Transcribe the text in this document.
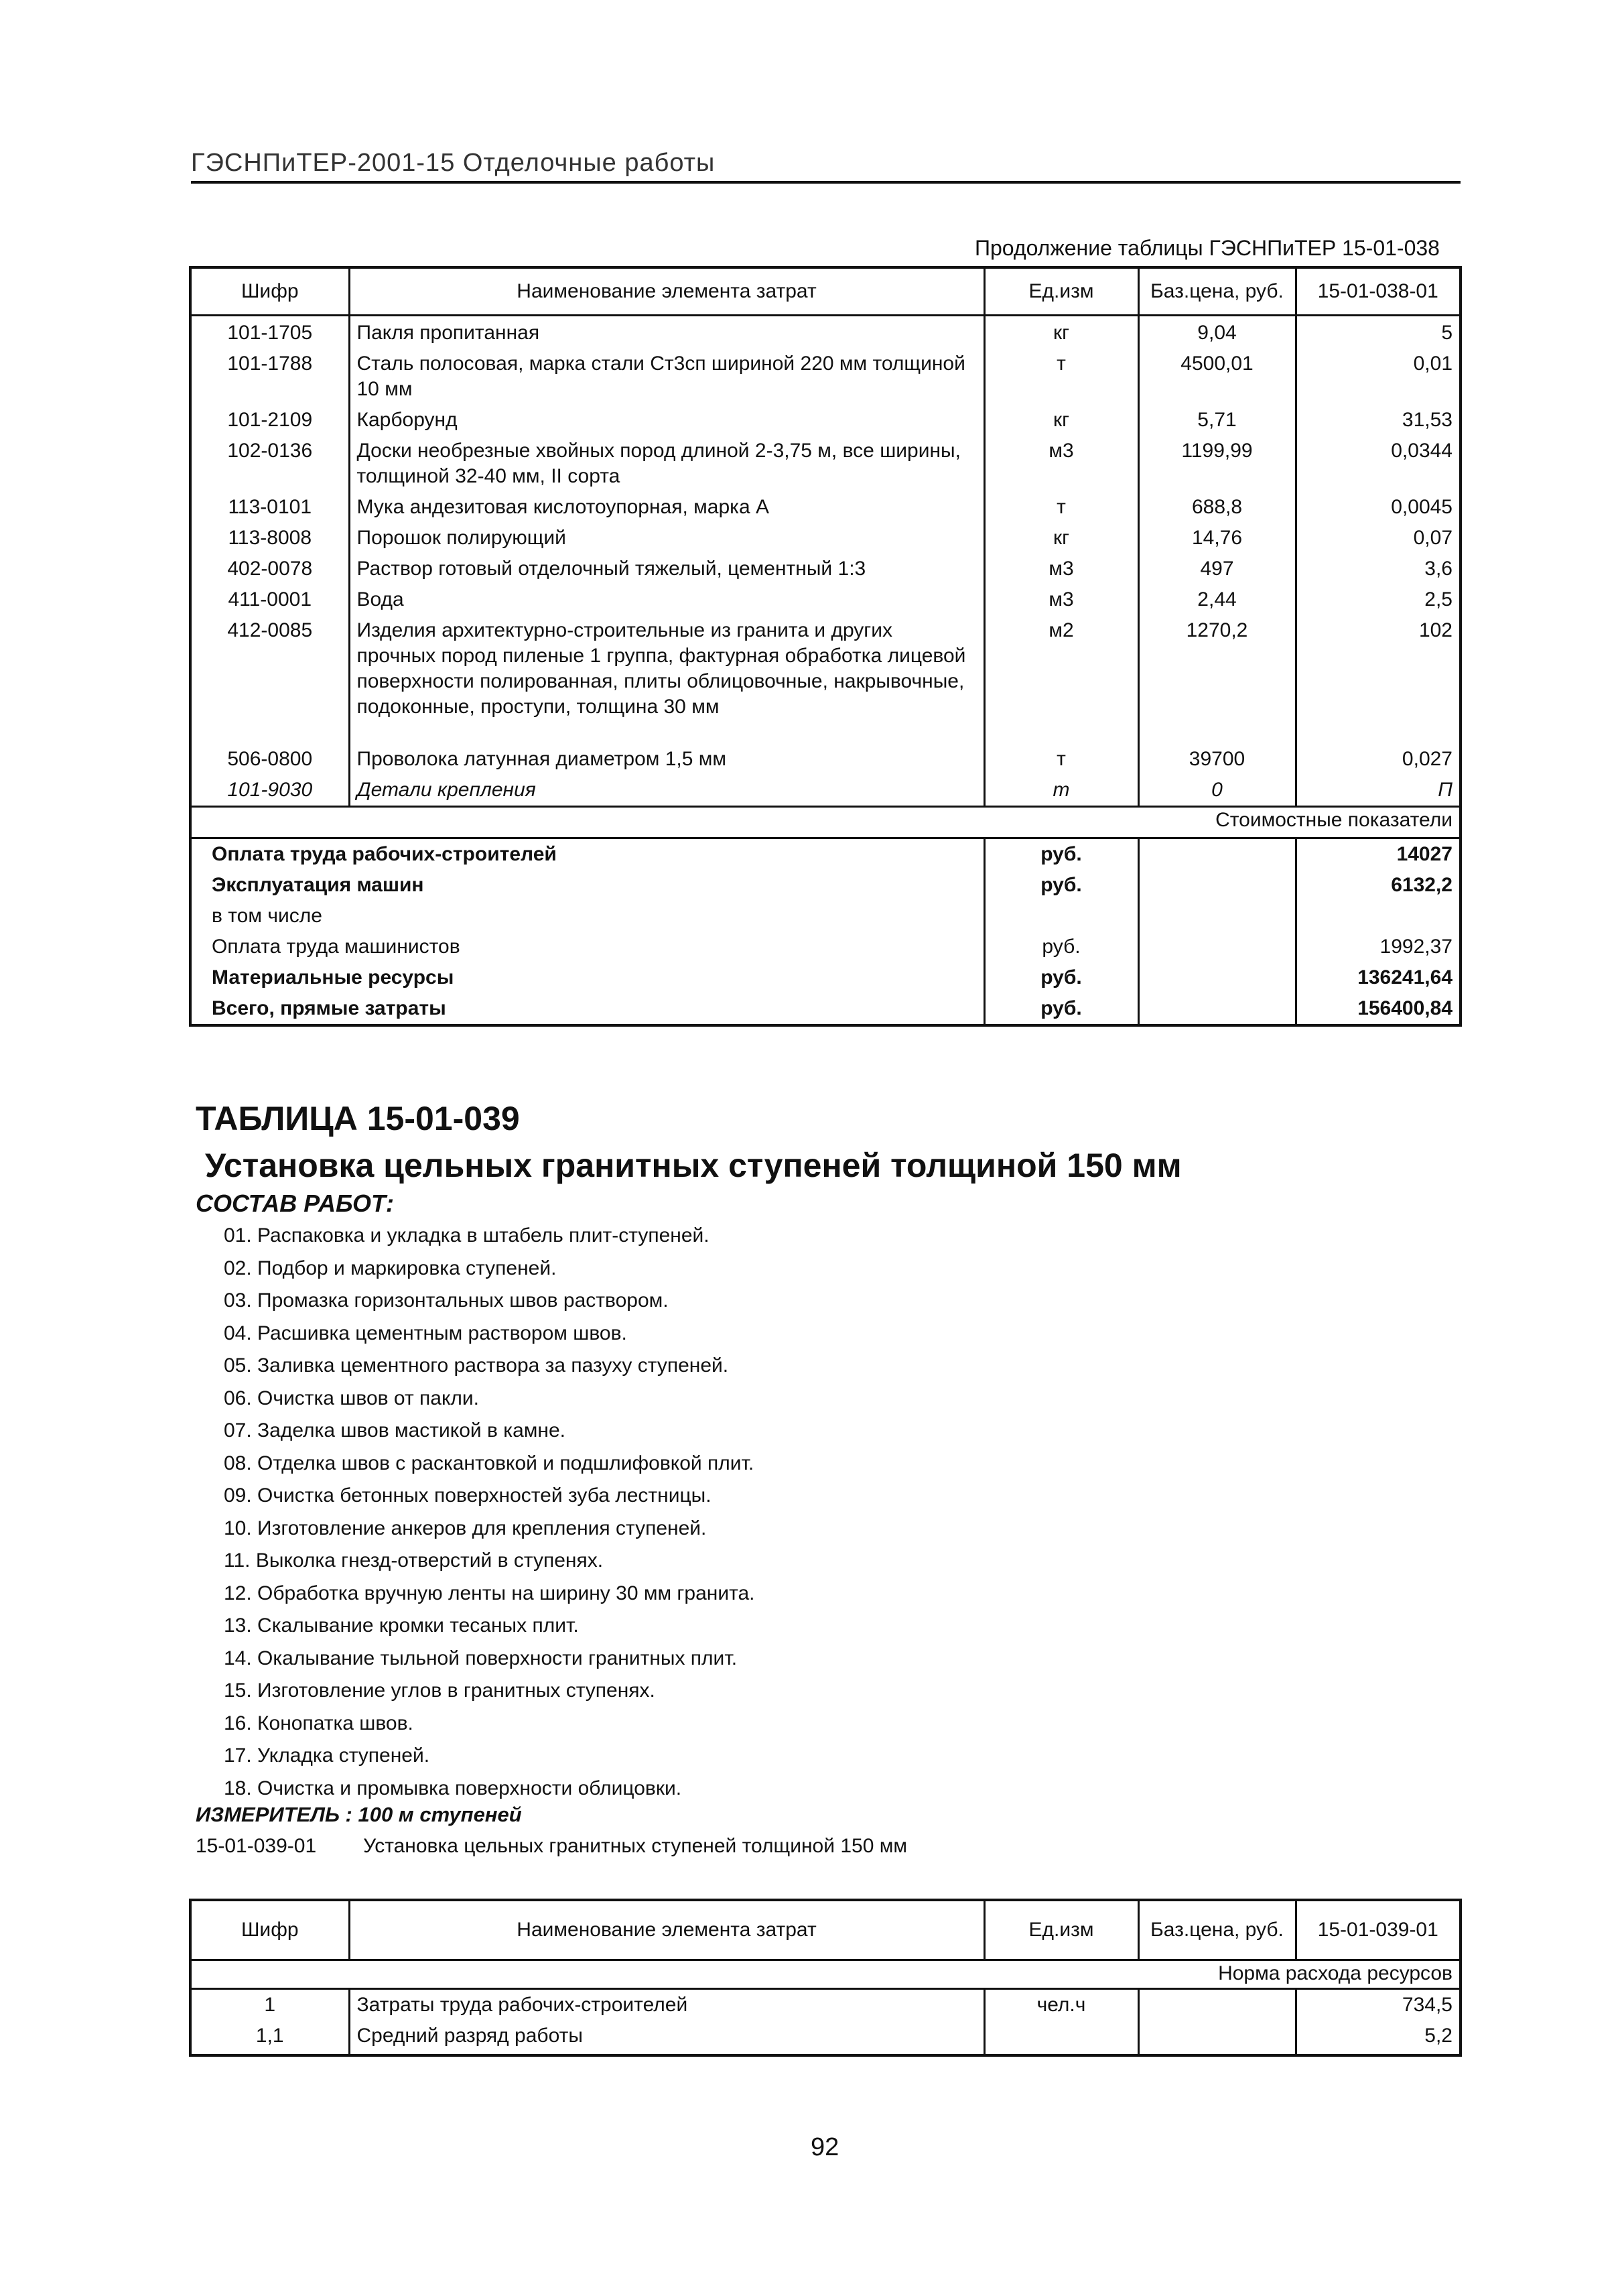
ГЭСНПиТЕР-2001-15 Отделочные работы
Продолжение таблицы ГЭСНПиТЕР 15-01-038
Шифр	Наименование элемента затрат	Ед.изм	Баз.цена, руб.	15-01-038-01
101-1705	Пакля пропитанная	кг	9,04	5
101-1788	Сталь полосовая, марка стали Ст3сп шириной 220 мм толщиной 10 мм	т	4500,01	0,01
101-2109	Карборунд	кг	5,71	31,53
102-0136	Доски необрезные хвойных пород длиной 2-3,75 м, все ширины, толщиной 32-40 мм, II сорта	м3	1199,99	0,0344
113-0101	Мука андезитовая кислотоупорная, марка А	т	688,8	0,0045
113-8008	Порошок полирующий	кг	14,76	0,07
402-0078	Раствор готовый отделочный тяжелый, цементный 1:3	м3	497	3,6
411-0001	Вода	м3	2,44	2,5
412-0085	Изделия архитектурно-строительные из гранита и других прочных пород пиленые 1 группа, фактурная обработка лицевой поверхности полированная, плиты облицовочные, накрывочные, подоконные, проступи, толщина 30 мм	м2	1270,2	102
506-0800	Проволока латунная диаметром 1,5 мм	т	39700	0,027
101-9030	Детали крепления	т	0	П
Стоимостные показатели				
Оплата труда рабочих-строителей		руб.		14027
Эксплуатация машин		руб.		6132,2
в том числе				
Оплата труда машинистов		руб.		1992,37
Материальные ресурсы		руб.		136241,64
Всего, прямые затраты		руб.		156400,84
ТАБЛИЦА 15-01-039
Установка цельных гранитных ступеней толщиной 150 мм
СОСТАВ РАБОТ:
01. Распаковка и укладка в штабель плит-ступеней.
02. Подбор и маркировка ступеней.
03. Промазка горизонтальных швов раствором.
04. Расшивка цементным раствором швов.
05. Заливка цементного раствора за пазуху ступеней.
06. Очистка швов от пакли.
07. Заделка швов мастикой в камне.
08. Отделка швов с раскантовкой и подшлифовкой плит.
09. Очистка бетонных поверхностей зуба лестницы.
10. Изготовление анкеров для крепления ступеней.
11. Выколка гнезд-отверстий в ступенях.
12. Обработка вручную ленты на ширину 30 мм гранита.
13. Скалывание кромки тесаных плит.
14. Окалывание тыльной поверхности гранитных плит.
15. Изготовление углов в гранитных ступенях.
16. Конопатка швов.
17. Укладка ступеней.
18. Очистка и промывка поверхности облицовки.
ИЗМЕРИТЕЛЬ : 100 м ступеней
15-01-039-01 Установка цельных гранитных ступеней толщиной 150 мм
Шифр	Наименование элемента затрат	Ед.изм	Баз.цена, руб.	15-01-039-01
Норма расхода ресурсов				
1	Затраты труда рабочих-строителей	чел.ч		734,5
1,1	Средний разряд работы			5,2
92
